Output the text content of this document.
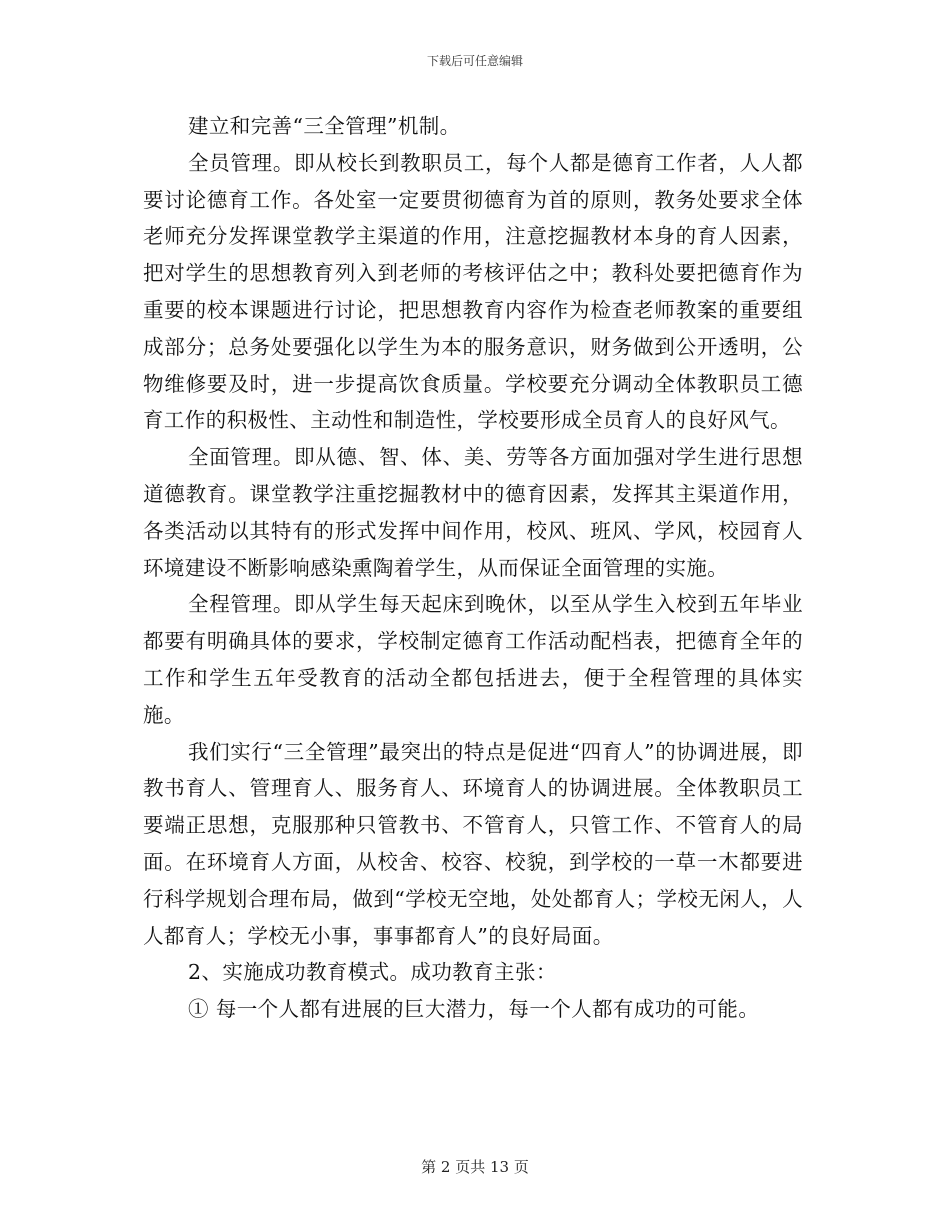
下载后可任意编辑

建立和完善“三全管理”机制。

全员管理。即从校长到教职员工，每个人都是德育工作者，人人都要讨论德育工作。各处室一定要贯彻德育为首的原则，教务处要求全体老师充分发挥课堂教学主渠道的作用，注意挖掘教材本身的育人因素，把对学生的思想教育列入到老师的考核评估之中；教科处要把德育作为重要的校本课题进行讨论，把思想教育内容作为检查老师教案的重要组成部分；总务处要强化以学生为本的服务意识，财务做到公开透明，公物维修要及时，进一步提高饮食质量。学校要充分调动全体教职员工德育工作的积极性、主动性和制造性，学校要形成全员育人的良好风气。

全面管理。即从德、智、体、美、劳等各方面加强对学生进行思想道德教育。课堂教学注重挖掘教材中的德育因素，发挥其主渠道作用，各类活动以其特有的形式发挥中间作用，校风、班风、学风，校园育人环境建设不断影响感染熏陶着学生，从而保证全面管理的实施。

全程管理。即从学生每天起床到晚休，以至从学生入校到五年毕业都要有明确具体的要求，学校制定德育工作活动配档表，把德育全年的工作和学生五年受教育的活动全都包括进去，便于全程管理的具体实施。

我们实行“三全管理”最突出的特点是促进“四育人”的协调进展，即教书育人、管理育人、服务育人、环境育人的协调进展。全体教职员工要端正思想，克服那种只管教书、不管育人，只管工作、不管育人的局面。在环境育人方面，从校舍、校容、校貌，到学校的一草一木都要进行科学规划合理布局，做到“学校无空地，处处都育人；学校无闲人，人人都育人；学校无小事，事事都育人”的良好局面。

2、实施成功教育模式。成功教育主张：

① 每一个人都有进展的巨大潜力，每一个人都有成功的可能。

第 2 页共 13 页
